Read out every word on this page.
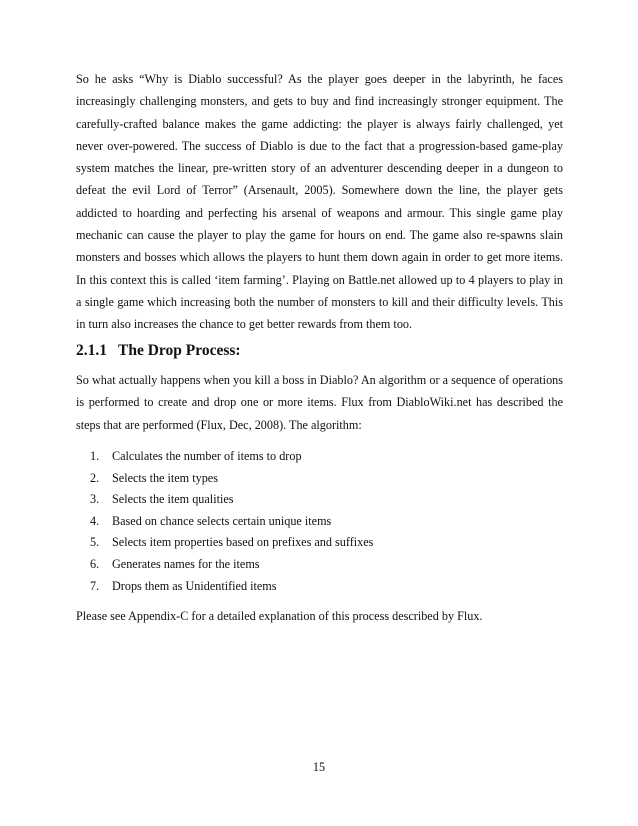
So he asks “Why is Diablo successful? As the player goes deeper in the labyrinth, he faces increasingly challenging monsters, and gets to buy and find increasingly stronger equipment. The carefully-crafted balance makes the game addicting: the player is always fairly challenged, yet never over-powered. The success of Diablo is due to the fact that a progression-based game-play system matches the linear, pre-written story of an adventurer descending deeper in a dungeon to defeat the evil Lord of Terror” (Arsenault, 2005). Somewhere down the line, the player gets addicted to hoarding and perfecting his arsenal of weapons and armour. This single game play mechanic can cause the player to play the game for hours on end. The game also re-spawns slain monsters and bosses which allows the players to hunt them down again in order to get more items. In this context this is called ‘item farming’. Playing on Battle.net allowed up to 4 players to play in a single game which increasing both the number of monsters to kill and their difficulty levels. This in turn also increases the chance to get better rewards from them too.

2.1.1 The Drop Process:

So what actually happens when you kill a boss in Diablo? An algorithm or a sequence of operations is performed to create and drop one or more items. Flux from DiabloWiki.net has described the steps that are performed (Flux, Dec, 2008). The algorithm:

1. Calculates the number of items to drop
2. Selects the item types
3. Selects the item qualities
4. Based on chance selects certain unique items
5. Selects item properties based on prefixes and suffixes
6. Generates names for the items
7. Drops them as Unidentified items

Please see Appendix-C for a detailed explanation of this process described by Flux.

15
